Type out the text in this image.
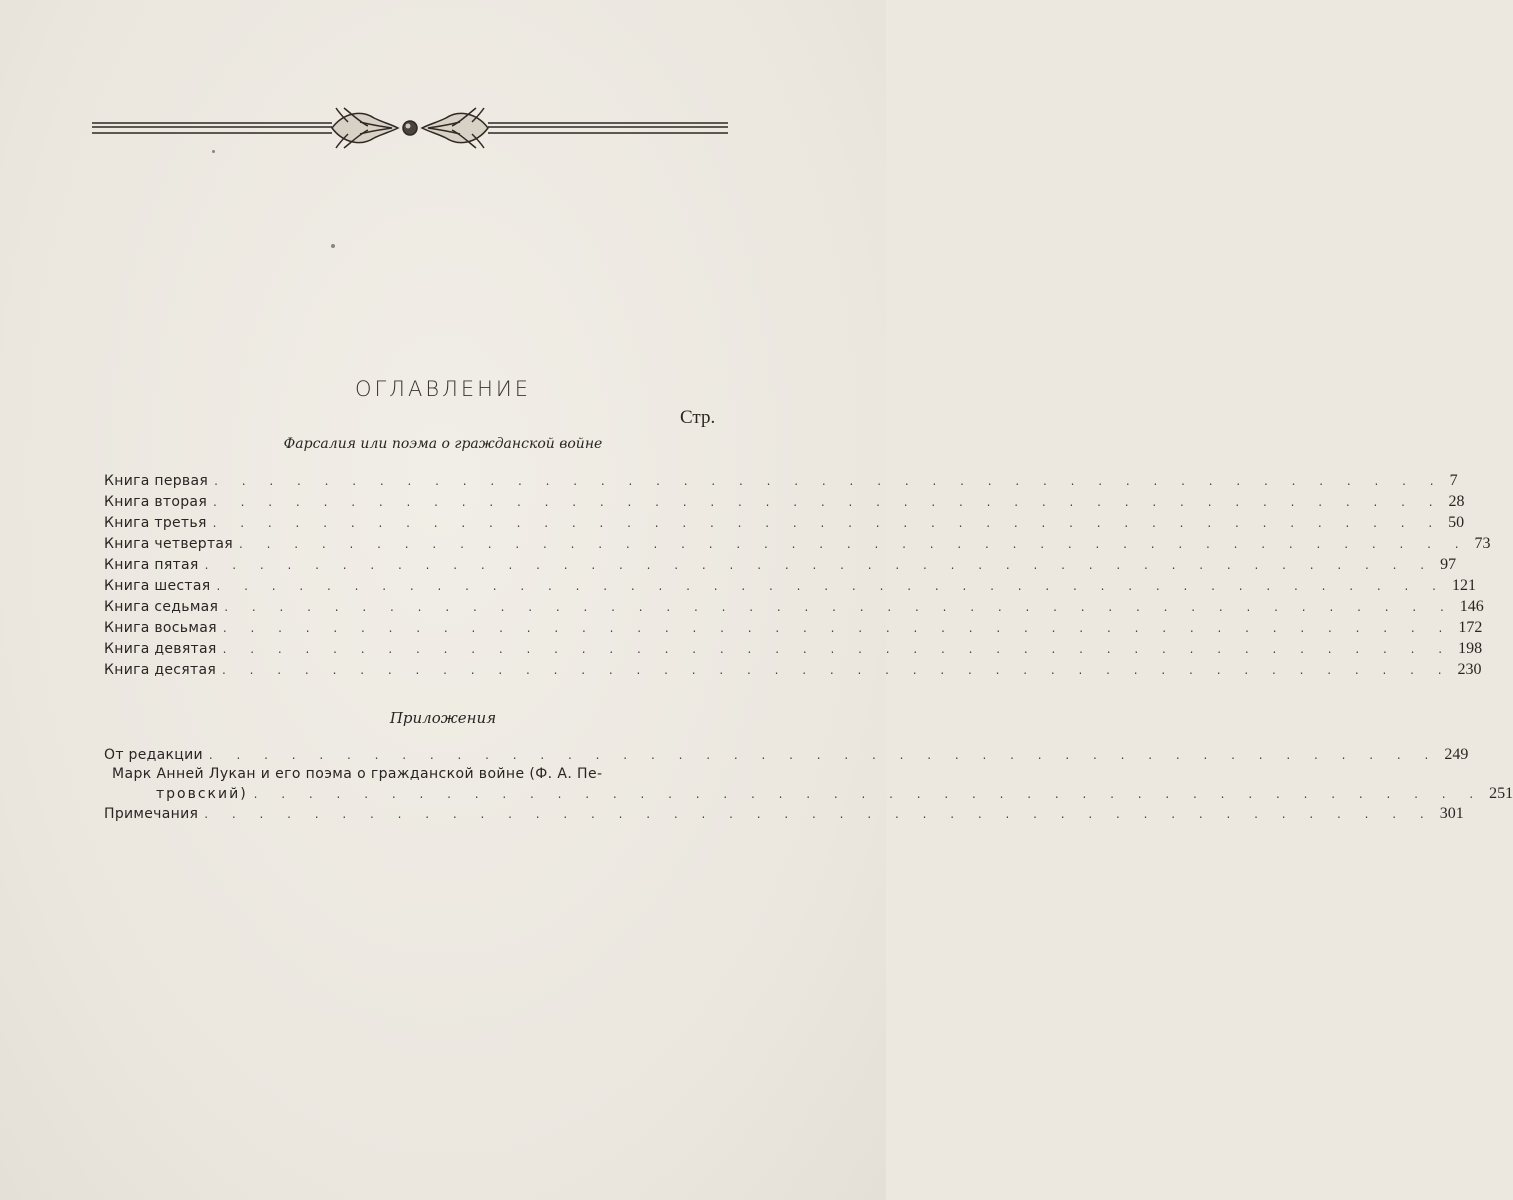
ОГЛАВЛЕНИЕ
Стр.
Фарсалия или поэма о гражданской войне
Книга первая . . . . . . . . . . . . . . . . . . . . . . . . . . . . . . . . . . . . . . . . . . . . . 7
Книга вторая . . . . . . . . . . . . . . . . . . . . . . . . . . . . . . . . . . . . . . . . . . . . . 28
Книга третья . . . . . . . . . . . . . . . . . . . . . . . . . . . . . . . . . . . . . . . . . . . . . 50
Книга четвертая . . . . . . . . . . . . . . . . . . . . . . . . . . . . . . . . . . . . . . . . . . . . . 73
Книга пятая . . . . . . . . . . . . . . . . . . . . . . . . . . . . . . . . . . . . . . . . . . . . . 97
Книга шестая . . . . . . . . . . . . . . . . . . . . . . . . . . . . . . . . . . . . . . . . . . . . . 121
Книга седьмая . . . . . . . . . . . . . . . . . . . . . . . . . . . . . . . . . . . . . . . . . . . . . 146
Книга восьмая . . . . . . . . . . . . . . . . . . . . . . . . . . . . . . . . . . . . . . . . . . . . . 172
Книга девятая . . . . . . . . . . . . . . . . . . . . . . . . . . . . . . . . . . . . . . . . . . . . . 198
Книга десятая . . . . . . . . . . . . . . . . . . . . . . . . . . . . . . . . . . . . . . . . . . . . . 230
Приложения
От редакции . . . . . . . . . . . . . . . . . . . . . . . . . . . . . . . . . . . . . . . . . . . . . 249
Марк Анней Лукан и его поэма о гражданской войне (Ф. А. Пе-
тровский) . . . . . . . . . . . . . . . . . . . . . . . . . . . . . . . . . . . . . . . . . . . . . 251
Примечания . . . . . . . . . . . . . . . . . . . . . . . . . . . . . . . . . . . . . . . . . . . . . 301
